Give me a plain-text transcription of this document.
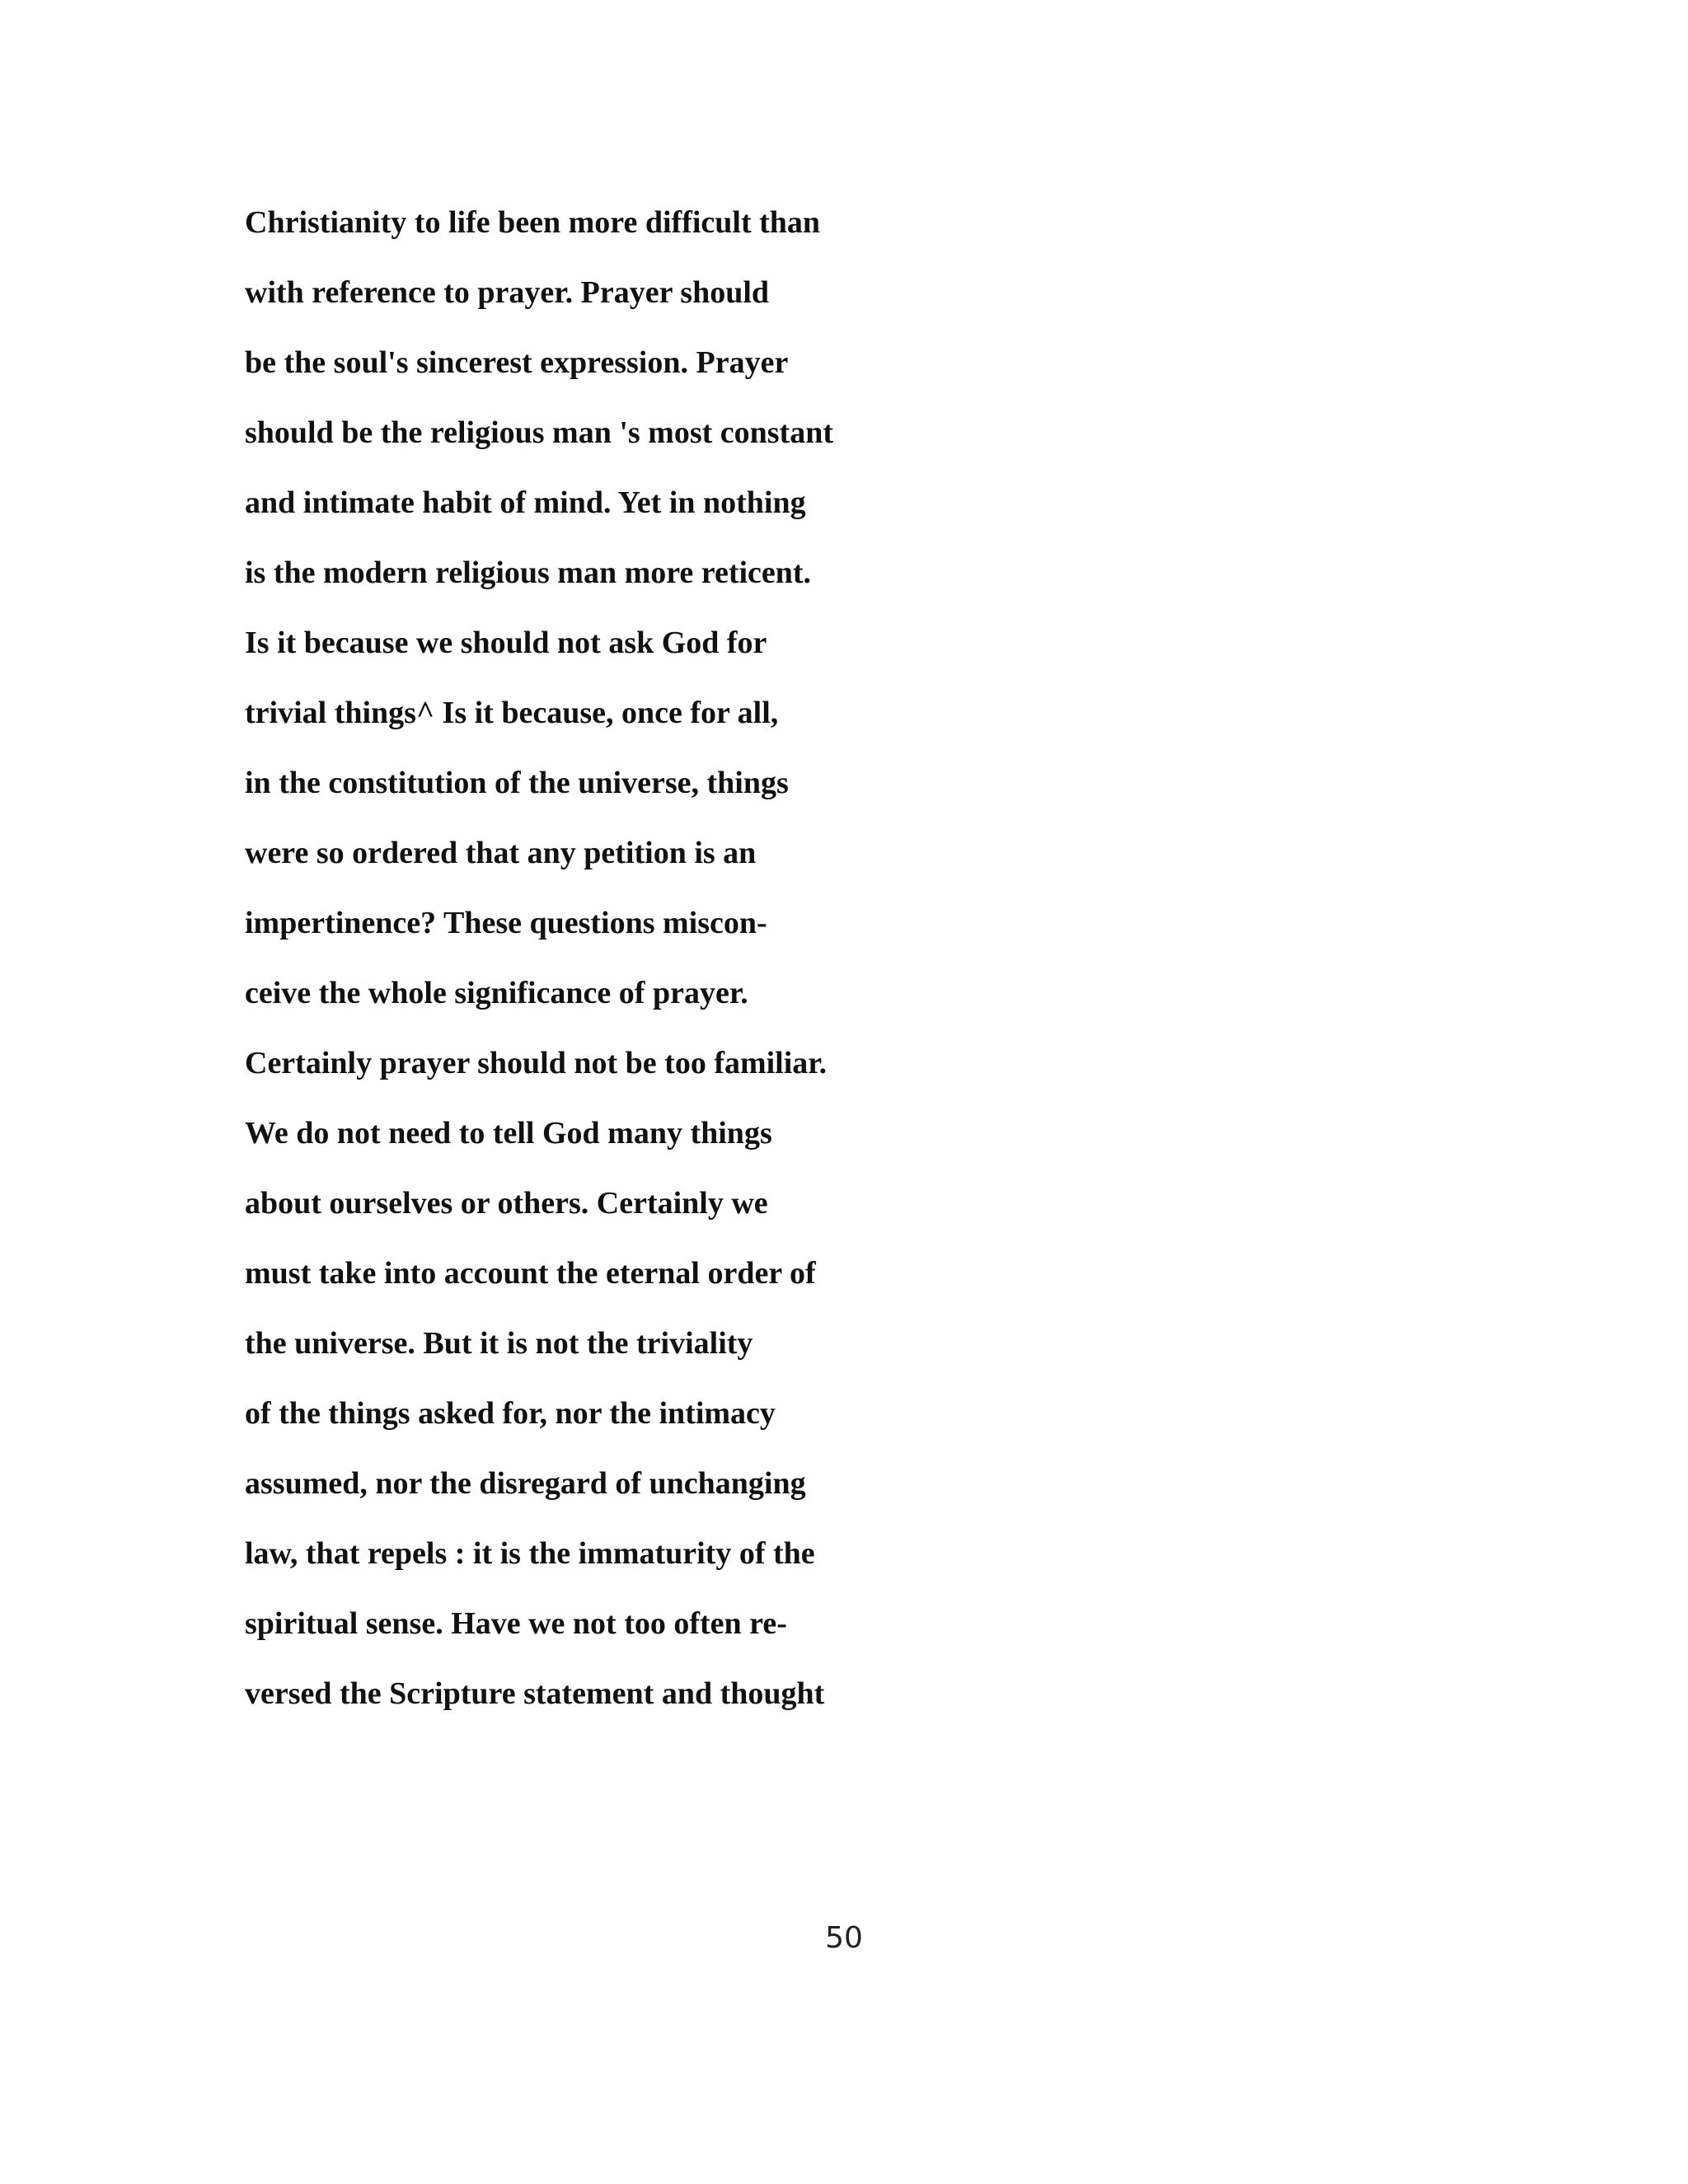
Christianity to life been more difficult than
with reference to prayer. Prayer should
be the soul's sincerest expression. Prayer
should be the religious man 's most constant
and intimate habit of mind. Yet in nothing
is the modern religious man more reticent.
Is it because we should not ask God for
trivial things^ Is it because, once for all,
in the constitution of the universe, things
were so ordered that any petition is an
impertinence? These questions miscon-
ceive the whole significance of prayer.
Certainly prayer should not be too familiar.
We do not need to tell God many things
about ourselves or others. Certainly we
must take into account the eternal order of
the universe. But it is not the triviality
of the things asked for, nor the intimacy
assumed, nor the disregard of unchanging
law, that repels : it is the immaturity of the
spiritual sense. Have we not too often re-
versed the Scripture statement and thought
50
